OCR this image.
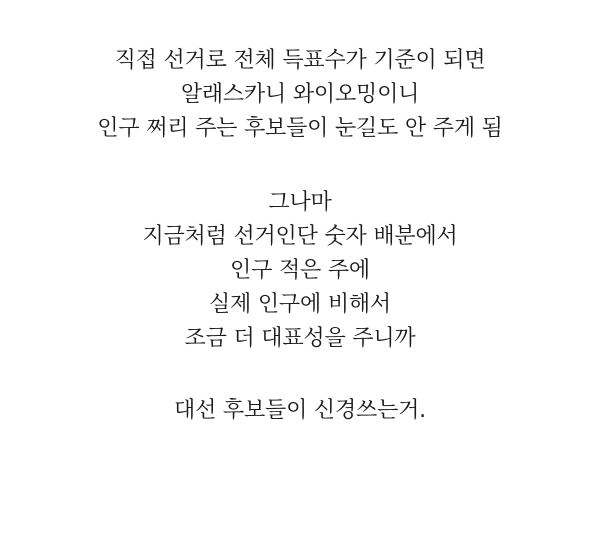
직접 선거로 전체 득표수가 기준이 되면
알래스카니 와이오밍이니
인구 쩌리 주는 후보들이 눈길도 안 주게 됨
그나마
지금처럼 선거인단 숫자 배분에서
인구 적은 주에
실제 인구에 비해서
조금 더 대표성을 주니까
대선 후보들이 신경쓰는거.
